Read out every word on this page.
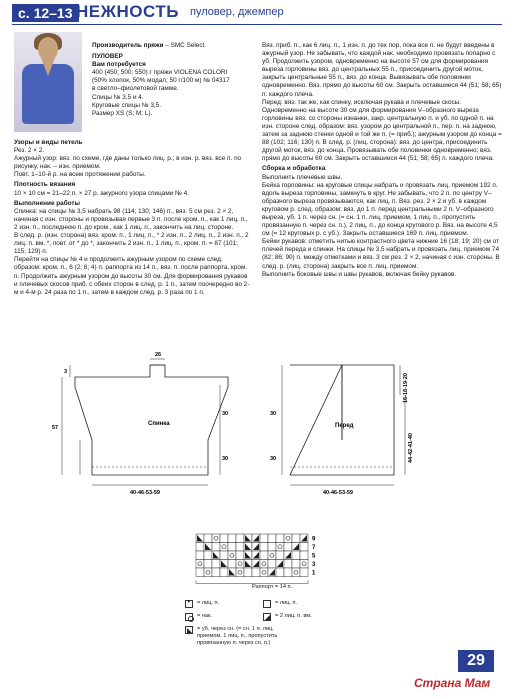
с. 12–13 НЕЖНОСТЬ пуловер, джемпер

Производитель пряжи – SMC Select.

ПУЛОВЕР

Вам потребуется

400 (450; 500; 550) г пряжи VIOLENA COLORI

(50% хлопок, 50% модал; 50 г/100 м) № 04317

в светло–фиолетовой гамме.

Спицы № 3,5 и 4.

Круговые спицы № 3,5.

Размер XS (S; M; L).

Узоры и виды петель

Рез. 2 × 2.

Ажурный узор: вяз. по схеме, где даны только лиц. р.; в изн. р. вяз. все п. по рисунку, нак. – изн. приемом.

Повт. 1–10-й р. на всем протяжении работы.

Плотность вязания

10 × 10 см = 21–22 п. × 27 р. ажурного узора спицами № 4.

Выполнение работы

Спинка: на спицы № 3,5 набрать 98 (114; 130; 146) п., вяз. 5 см рез. 2 × 2, начиная с изн. стороны и провязывая первые 3 п. после кром. п., как 1 лиц. п., 2 изн. п., последнюю п. до кром., как 1 лиц. п., закончить на лиц. стороне.

В след. р. (изн. сторона) вяз. кром. п., 1 лиц. п., * 2 изн. п., 2 лиц. п., 2 изн. п., 2 лиц. п. вм. *, повт. от * до *, закончить 2 изн. п., 1 лиц. п., кром. п. = 87 (101; 115; 129) п.

Перейти на спицы № 4 и продолжить ажурным узором по схеме след. образом: кром. п., 6 (2; 8; 4) п. раппорта из 14 п., вяз. п. после раппорта, кром. п. Продолжить ажурным узором до высоты 30 см. Для формирования рукавов и плечевых скосов приб. с обеих сторон в след. р. 1 п., затем поочередно во 2-м и 4-м р. 24 раза по 1 п., затем в каждом след. р. 3 раза по 1 п.

Вяз. приб. п., как 6 лиц. п., 1 изн. п. до тех пор, пока все п. не будут введены в ажурный узор. Не забывать, что каждой нак. необходимо провязать попарно с уб. Продолжить узором, одновременно на высоте 57 см для формирования выреза горловины вяз. до центральных 55 п., присоединить другой моток, закрыть центральные 55 п., вяз. до конца. Вывязывать обе половинки одновременно. Вяз. прямо до высоты 60 см. Закрыть оставшиеся 44 (51; 58; 65) п. каждого плеча.

Перед: вяз. так же, как спинку, исключая рукава и плечевые скосы.

Одновременно на высоте 30 см для формирования V–образного выреза горловины вяз. со стороны изнанки, закр. центральную п. и уб. по одной п. на изн. стороне след. образом: вяз. узором до центральной п., пер. п. на заднюю, затем за заднюю стенки одной и той же п. (= приб.); ажурным узором до конца = 88 (102; 116; 130) п. В след. р. (лиц. сторона): вяз. до центра, присоединить другой моток, вяз. до конца. Провязывать обе половинки одновременно; вяз. прямо до высоты 60 см. Закрыть оставшиеся 44 (51; 58; 65) п. каждого плеча.

Сборка и обработка

Выполнить плечевые швы.

Бейка горловины: на круговые спицы набрать и провязать лиц. приемом 192 п. вдоль выреза горловины, замкнуть в круг. Не забывать, что 2 п. по центру V–образного выреза провязываются, как лиц. п. Вяз. рез. 2 × 2 и уб. в каждом круговом р. след. образом: вяз. до 1 п. перед центральными 2 п. V–образного выреза, уб. 1 п. через сн. (= сн. 1 п. лиц. приемом, 1 лиц. п., пропустить провязанную п. через сн. п.), 2 лиц. п., до конца кругового р. Вяз. на высоте 4,5 см (= 12 круговых р. с уб.). Закрыть оставшиеся 169 п. лиц. приемом.

Бейки рукавов: отметить нитью контрастного цвета нижние 16 (18; 19; 20) см от плечей переда и спинки. На спицы № 3,5 набрать и провязать лиц. приемом 74 (82; 86; 90) п. между отметками и вяз. 3 см рез. 2 × 2, начиная с изн. стороны. В след. р. (лиц. сторона) закрыть все п. лиц. приемом.

Выполнить боковые швы и швы рукавов, включая бейку рукавов.

Спинка
26
3
57
30
30
40-46-53-59
Перед
16-18-19-20
44-42-41-40
30
30
40-46-53-59
9
7
5
3
1
Раппорт = 14 п.
•
= лиц. п.
= нак.
= уб. через сн. (= сн. 1 п. лиц. приемом, 1 лиц. п., пропустить провязанную п. через сн. п.)
= лиц. п.
= 2 лиц. п. вм.
29
Страна Мам
